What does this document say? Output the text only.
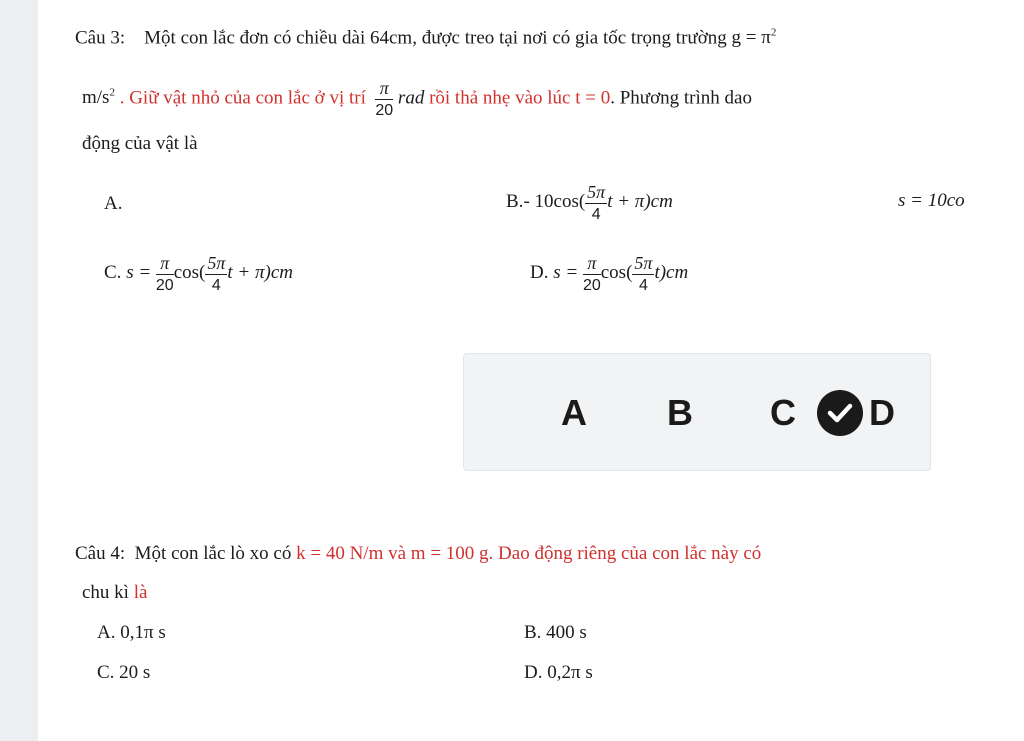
Câu 3: Một con lắc đơn có chiều dài 64cm, được treo tại nơi có gia tốc trọng trường $g = \pi^2$
$m/s^2$ . Giữ vật nhỏ của con lắc ở vị trí $\frac{\pi}{20}$ rad rồi thả nhẹ vào lúc t = 0. Phương trình dao
động của vật là
A.	B.- $10\cos( \frac{5\pi}{4}$ t + π)cm	s = 10co
C. $s = \frac{\pi}{20} \cos( \frac{5\pi}{4}$ t + π)cm	D. $s = \frac{\pi}{20} \cos( \frac{5\pi}{4} t)cm$
A B C D
Câu 4: Một con lắc lò xo có k = 40 N/m và m = 100 g. Dao động riêng của con lắc này có
chu kì là
A. 0,1π s	B. 400 s
C. 20 s	D. 0,2π s
